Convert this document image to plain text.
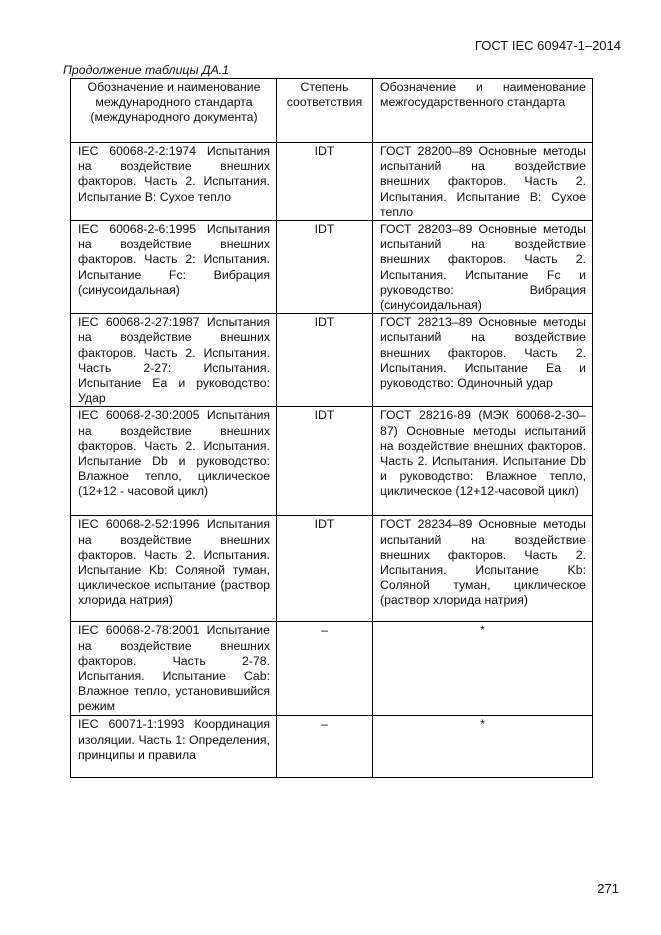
ГОСТ IEC 60947-1–2014
Продолжение таблицы ДА.1
Обозначение и наименование международного стандарта (международного документа)	Степень соответствия	Обозначение и наименование межгосударственного стандарта
IEC 60068-2-2:1974 Испытания на воздействие внешних факторов. Часть 2. Испытания. Испытание B: Сухое тепло	IDT	ГОСТ 28200–89 Основные методы испытаний на воздействие внешних факторов. Часть 2. Испытания. Испытание B: Сухое тепло
IEC 60068-2-6:1995 Испытания на воздействие внешних факторов. Часть 2: Испытания. Испытание Fc: Вибрация (синусоидальная)	IDT	ГОСТ 28203–89 Основные методы испытаний на воздействие внешних факторов. Часть 2. Испытания. Испытание Fc и руководство: Вибрация (синусоидальная)
IEC 60068-2-27:1987 Испытания на воздействие внешних факторов. Часть 2. Испытания. Часть 2-27: Испытания. Испытание Ea и руководство: Удар	IDT	ГОСТ 28213–89 Основные методы испытаний на воздействие внешних факторов. Часть 2. Испытания. Испытание Ea и руководство: Одиночный удар
IEC 60068-2-30:2005 Испытания на воздействие внешних факторов. Часть 2. Испытания. Испытание Db и руководство: Влажное тепло, циклическое (12+12 - часовой цикл)	IDT	ГОСТ 28216-89 (МЭК 60068-2-30–87) Основные методы испытаний на воздействие внешних факторов. Часть 2. Испытания. Испытание Db и руководство: Влажное тепло, циклическое (12+12-часовой цикл)
IEC 60068-2-52:1996 Испытания на воздействие внешних факторов. Часть 2. Испытания. Испытание Kb: Соляной туман, циклическое испытание (раствор хлорида натрия)	IDT	ГОСТ 28234–89 Основные методы испытаний на воздействие внешних факторов. Часть 2. Испытания. Испытание Kb: Соляной туман, циклическое (раствор хлорида натрия)
IEC 60068-2-78:2001 Испытание на воздействие внешних факторов. Часть 2-78. Испытания. Испытание Cab: Влажное тепло, установившийся режим	–	*
IEC 60071-1:1993 Координация изоляции. Часть 1: Определения, принципы и правила	–	*
271
